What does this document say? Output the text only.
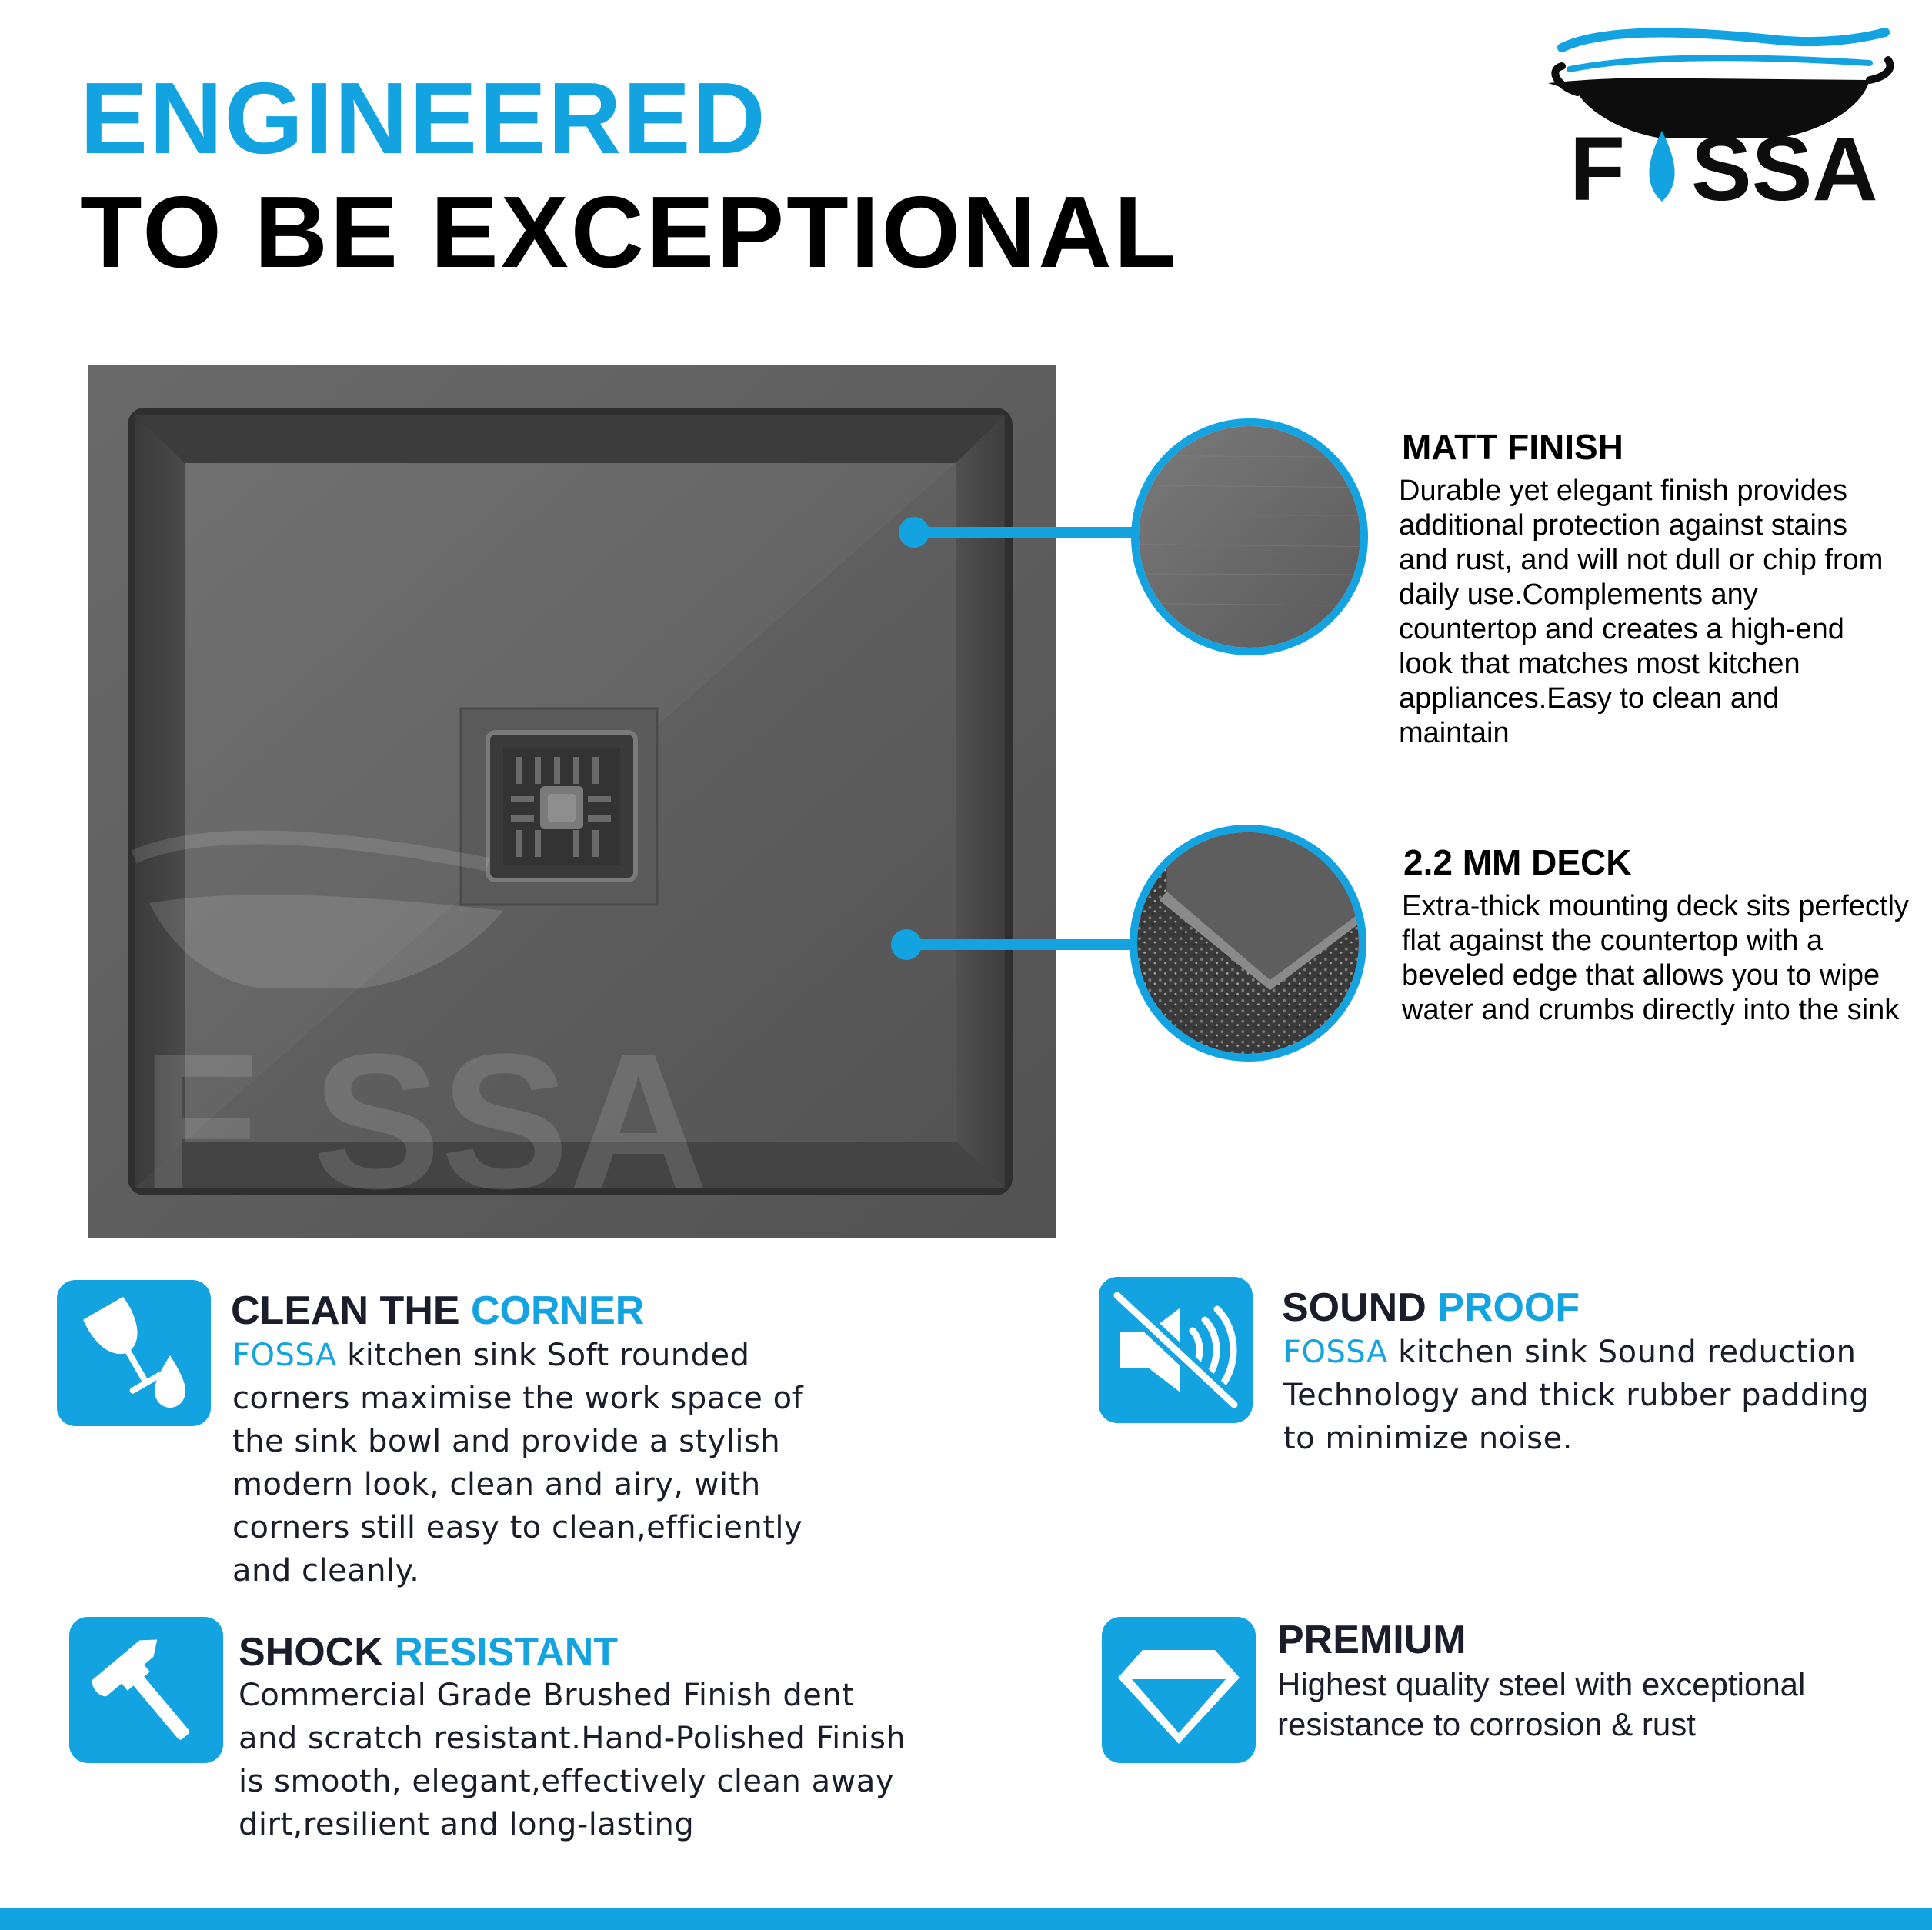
ENGINEERED
TO BE EXCEPTIONAL
F SSA
F SSA
MATT FINISH
Durable yet elegant finish provides additional protection against stains and rust, and will not dull or chip from daily use.Complements any countertop and creates a high-end look that matches most kitchen appliances.Easy to clean and maintain
2.2 MM DECK
Extra-thick mounting deck sits perfectly flat against the countertop with a beveled edge that allows you to wipe water and crumbs directly into the sink
CLEAN THE CORNER
FOSSA kitchen sink Soft rounded corners maximise the work space of the sink bowl and provide a stylish modern look, clean and airy, with corners still easy to clean,efficiently and cleanly.
SOUND PROOF
FOSSA kitchen sink Sound reduction Technology and thick rubber padding to minimize noise.
SHOCK RESISTANT
Commercial Grade Brushed Finish dent and scratch resistant.Hand-Polished Finish is smooth, elegant,effectively clean away dirt,resilient and long-lasting
PREMIUM
Highest quality steel with exceptional resistance to corrosion & rust
